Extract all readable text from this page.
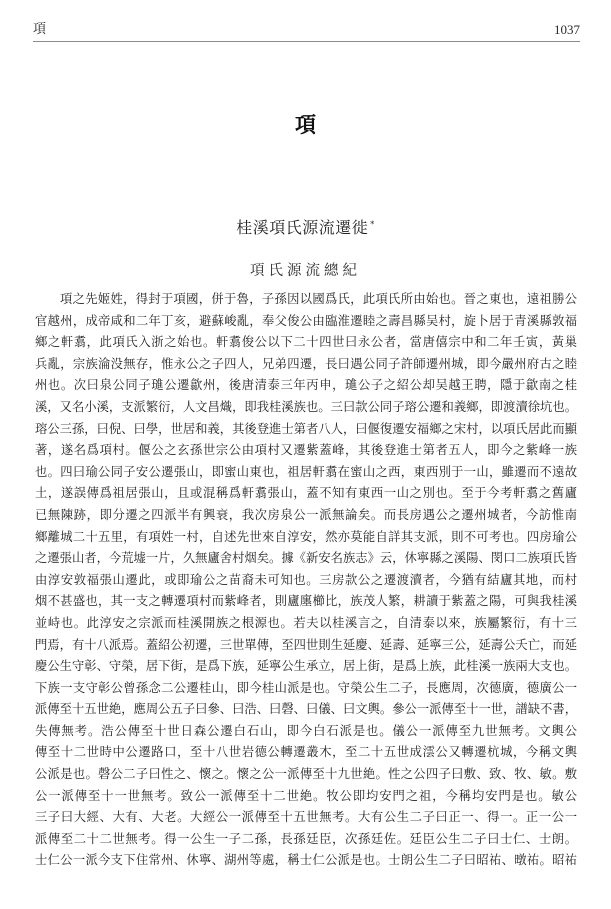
項	1037
項
桂溪項氏源流遷徙 *
項氏源流總紀
項之先姬姓，得封于項國，併于魯，子孫因以國爲氏，此項氏所由始也。晉之東也，遠祖勝公
官越州，成帝咸和二年丁亥，避蘇峻亂，奉父俊公由臨淮遷睦之壽昌縣吴村，旋卜居于青溪縣敦福
鄉之軒翥，此項氏入浙之始也。軒翥俊公以下二十四世曰永公者，當唐僖宗中和二年壬寅，黃巢
兵亂，宗族淪没無存，惟永公之子四人，兄弟四遷，長曰遇公同子許師遷州城，即今嚴州府古之睦
州也。次曰泉公同子璡公遷歙州，後唐清泰三年丙申，璡公子之紹公却吴越王聘，隱于歙南之桂
溪，又名小溪，支派繁衍，人文昌熾，即我桂溪族也。三曰款公同子瑢公遷和義鄉，即渡瀆徐坑也。
瑢公三孫，曰倪、曰學，世居和義，其後登進士第者八人，曰偃復遷安福鄉之宋村，以項氏居此而顯
著，遂名爲項村。偃公之玄孫世宗公由項村又遷紫蓋峰，其後登進士第者五人，即今之紫峰一族
也。四曰瑜公同子安公遷張山，即蜜山東也，祖居軒翥在蜜山之西，東西別于一山，雖遷而不遠故
土，遂誤傳爲祖居張山，且或混稱爲軒翥張山，蓋不知有東西一山之別也。至于今考軒翥之舊廬
已無陳跡，即分遷之四派半有興衰，我次房泉公一派無論矣。而長房遇公之遷州城者，今訪惟南
鄉離城二十五里，有項姓一村，自述先世來自淳安，然亦莫能自詳其支派，則不可考也。四房瑜公
之遷張山者，今荒墟一片，久無廬舍村烟矣。據《新安名族志》云，休寧縣之溪陽、閔口二族項氏皆
由淳安敦福張山遷此，或即瑜公之苗裔未可知也。三房款公之遷渡瀆者，今猶有結廬其地，而村
烟不甚盛也，其一支之轉遷項村而紫峰者，則廬廛櫛比，族茂人繁，耕讀于紫蓋之陽，可與我桂溪
並峙也。此淳安之宗派而桂溪開族之根源也。若夫以桂溪言之，自清泰以來，族屬繁衍，有十三
門焉，有十八派焉。蓋紹公初遷，三世單傳，至四世則生延慶、延壽、延寧三公，延壽公夭亡，而延
慶公生守彰、守榮，居下街，是爲下族，延寧公生承立，居上街，是爲上族，此桂溪一族兩大支也。
下族一支守彰公曾孫念二公遷桂山，即今桂山派是也。守榮公生二子，長應周，次德廣，德廣公一
派傳至十五世絶，應周公五子曰參、曰浩、曰磬、曰儀、曰文輿。參公一派傳至十一世，譜缺不書，
失傳無考。浩公傳至十世日森公遷白石山，即今白石派是也。儀公一派傳至九世無考。文輿公
傳至十二世時中公遷路口，至十八世岩德公轉遷叢木，至二十五世成澐公又轉遷杭城，今稱文輿
公派是也。磬公二子曰性之、懷之。懷之公一派傳至十九世絶。性之公四子曰敷、致、牧、敏。敷
公一派傳至十一世無考。致公一派傳至十二世絶。牧公即均安門之祖，今稱均安門是也。敏公
三子曰大經、大有、大老。大經公一派傳至十五世無考。大有公生二子曰正一、得一。正一公一
派傳至二十二世無考。得一公生一子二孫，長孫廷臣，次孫廷佐。廷臣公生二子曰士仁、士朗。
士仁公一派今支下住常州、休寧、湖州等處，稱士仁公派是也。士朗公生二子曰昭祐、暾祐。昭祐
